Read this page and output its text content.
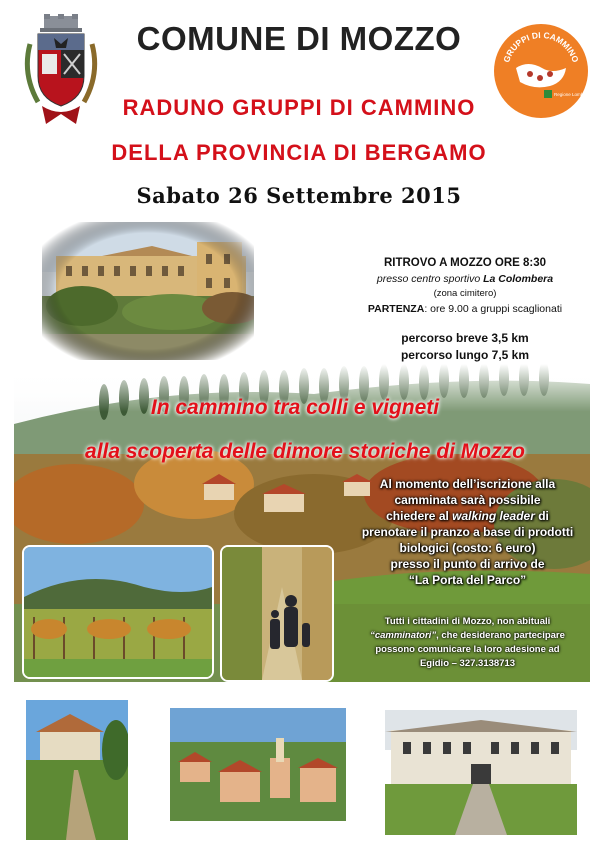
COMUNE DI MOZZO
GRUPPI DI CAMMINO
Regione Lombar
RADUNO GRUPPI DI CAMMINO
DELLA PROVINCIA DI BERGAMO
Sabato 26 Settembre 2015
RITROVO A MOZZO ORE 8:30
presso centro sportivo La Colombera
(zona cimitero)
PARTENZA: ore 9.00 a gruppi scaglionati
percorso breve 3,5 km
percorso lungo 7,5 km
In cammino tra colli e vigneti
alla scoperta delle dimore storiche di Mozzo
Al momento dell’iscrizione alla
camminata sarà possibile
chiedere al walking leader di
prenotare il pranzo a base di prodotti
biologici (costo: 6 euro)
presso il punto di arrivo de
“La Porta del Parco”
Tutti i cittadini di Mozzo, non abituali
“camminatori”, che desiderano partecipare
possono comunicare la loro adesione ad
Egidio – 327.3138713
